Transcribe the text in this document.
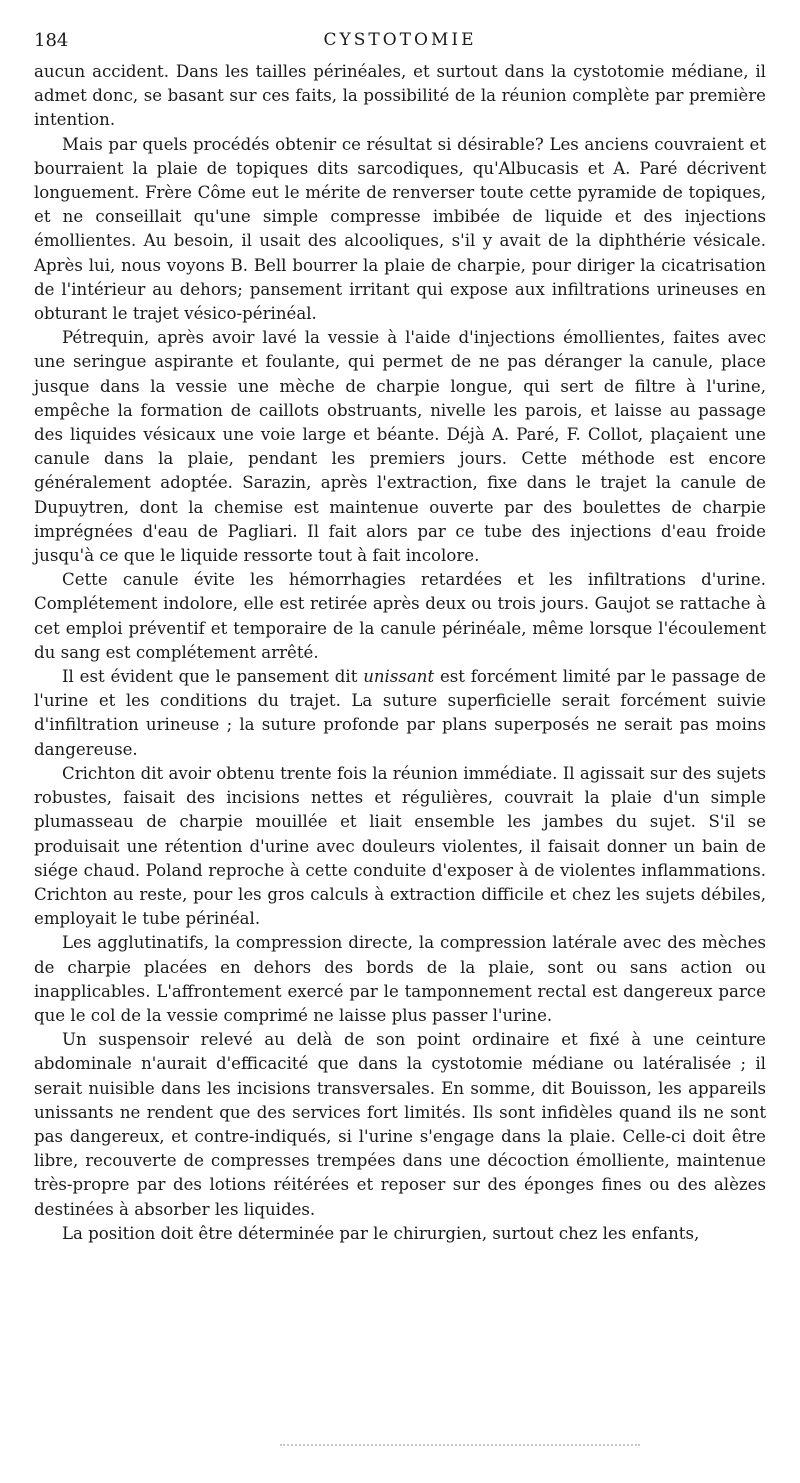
184	CYSTOTOMIE

aucun accident. Dans les tailles périnéales, et surtout dans la cystotomie médiane, il admet donc, se basant sur ces faits, la possibilité de la réunion complète par première intention.

Mais par quels procédés obtenir ce résultat si désirable? Les anciens couvraient et bourraient la plaie de topiques dits sarcodiques, qu'Albucasis et A. Paré décrivent longuement. Frère Côme eut le mérite de renverser toute cette pyramide de topiques, et ne conseillait qu'une simple compresse imbibée de liquide et des injections émollientes. Au besoin, il usait des alcooliques, s'il y avait de la diphthérie vésicale. Après lui, nous voyons B. Bell bourrer la plaie de charpie, pour diriger la cicatrisation de l'intérieur au dehors; pansement irritant qui expose aux infiltrations urineuses en obturant le trajet vésico-périnéal.

Pétrequin, après avoir lavé la vessie à l'aide d'injections émollientes, faites avec une seringue aspirante et foulante, qui permet de ne pas déranger la canule, place jusque dans la vessie une mèche de charpie longue, qui sert de filtre à l'urine, empêche la formation de caillots obstruants, nivelle les parois, et laisse au passage des liquides vésicaux une voie large et béante. Déjà A. Paré, F. Collot, plaçaient une canule dans la plaie, pendant les premiers jours. Cette méthode est encore généralement adoptée. Sarazin, après l'extraction, fixe dans le trajet la canule de Dupuytren, dont la chemise est maintenue ouverte par des boulettes de charpie imprégnées d'eau de Pagliari. Il fait alors par ce tube des injections d'eau froide jusqu'à ce que le liquide ressorte tout à fait incolore.

Cette canule évite les hémorrhagies retardées et les infiltrations d'urine. Complétement indolore, elle est retirée après deux ou trois jours. Gaujot se rattache à cet emploi préventif et temporaire de la canule périnéale, même lorsque l'écoulement du sang est complétement arrêté.

Il est évident que le pansement dit unissant est forcément limité par le passage de l'urine et les conditions du trajet. La suture superficielle serait forcément suivie d'infiltration urineuse ; la suture profonde par plans superposés ne serait pas moins dangereuse.

Crichton dit avoir obtenu trente fois la réunion immédiate. Il agissait sur des sujets robustes, faisait des incisions nettes et régulières, couvrait la plaie d'un simple plumasseau de charpie mouillée et liait ensemble les jambes du sujet. S'il se produisait une rétention d'urine avec douleurs violentes, il faisait donner un bain de siége chaud. Poland reproche à cette conduite d'exposer à de violentes inflammations. Crichton au reste, pour les gros calculs à extraction difficile et chez les sujets débiles, employait le tube périnéal.

Les agglutinatifs, la compression directe, la compression latérale avec des mèches de charpie placées en dehors des bords de la plaie, sont ou sans action ou inapplicables. L'affrontement exercé par le tamponnement rectal est dangereux parce que le col de la vessie comprimé ne laisse plus passer l'urine.

Un suspensoir relevé au delà de son point ordinaire et fixé à une ceinture abdominale n'aurait d'efficacité que dans la cystotomie médiane ou latéralisée ; il serait nuisible dans les incisions transversales. En somme, dit Bouisson, les appareils unissants ne rendent que des services fort limités. Ils sont infidèles quand ils ne sont pas dangereux, et contre-indiqués, si l'urine s'engage dans la plaie. Celle-ci doit être libre, recouverte de compresses trempées dans une décoction émolliente, maintenue très-propre par des lotions réitérées et reposer sur des éponges fines ou des alèzes destinées à absorber les liquides.

La position doit être déterminée par le chirurgien, surtout chez les enfants,
